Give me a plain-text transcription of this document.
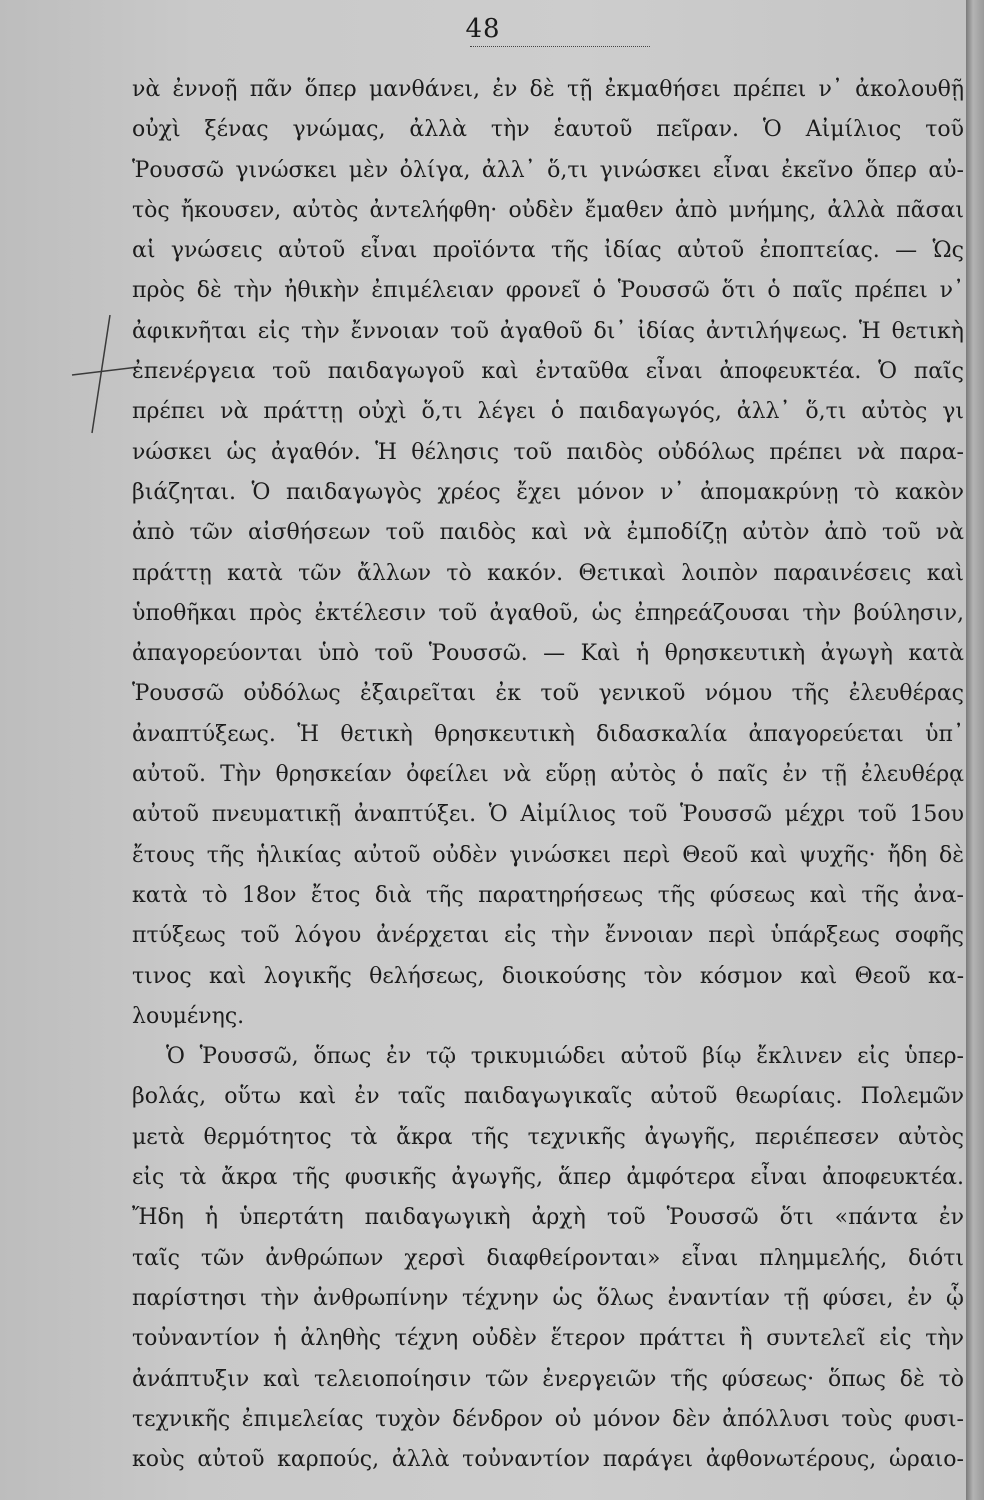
48
νὰ ἐννοῇ πᾶν ὅπερ μανθάνει, ἐν δὲ τῇ ἐκμαθήσει πρέπει ν᾽ ἀκολουθῇ
οὐχὶ ξένας γνώμας, ἀλλὰ τὴν ἑαυτοῦ πεῖραν. Ὁ Αἰμίλιος τοῦ
Ῥουσσῶ γινώσκει μὲν ὀλίγα, ἀλλ᾽ ὅ,τι γινώσκει εἶναι ἐκεῖνο ὅπερ αὐ-
τὸς ἤκουσεν, αὐτὸς ἀντελήφθη· οὐδὲν ἔμαθεν ἀπὸ μνήμης, ἀλλὰ πᾶσαι
αἱ γνώσεις αὐτοῦ εἶναι προϊόντα τῆς ἰδίας αὐτοῦ ἐποπτείας. — Ὡς
πρὸς δὲ τὴν ἠθικὴν ἐπιμέλειαν φρονεῖ ὁ Ῥουσσῶ ὅτι ὁ παῖς πρέπει ν᾽
ἀφικνῆται εἰς τὴν ἔννοιαν τοῦ ἀγαθοῦ δι᾽ ἰδίας ἀντιλήψεως. Ἡ θετικὴ
ἐπενέργεια τοῦ παιδαγωγοῦ καὶ ἐνταῦθα εἶναι ἀποφευκτέα. Ὁ παῖς
πρέπει νὰ πράττῃ οὐχὶ ὅ,τι λέγει ὁ παιδαγωγός, ἀλλ᾽ ὅ,τι αὐτὸς γι
νώσκει ὡς ἀγαθόν. Ἡ θέλησις τοῦ παιδὸς οὐδόλως πρέπει νὰ παρα-
βιάζηται. Ὁ παιδαγωγὸς χρέος ἔχει μόνον ν᾽ ἀπομακρύνῃ τὸ κακὸν
ἀπὸ τῶν αἰσθήσεων τοῦ παιδὸς καὶ νὰ ἐμποδίζῃ αὐτὸν ἀπὸ τοῦ νὰ
πράττῃ κατὰ τῶν ἄλλων τὸ κακόν. Θετικαὶ λοιπὸν παραινέσεις καὶ
ὑποθῆκαι πρὸς ἐκτέλεσιν τοῦ ἀγαθοῦ, ὡς ἐπηρεάζουσαι τὴν βούλησιν,
ἀπαγορεύονται ὑπὸ τοῦ Ῥουσσῶ. — Καὶ ἡ θρησκευτικὴ ἀγωγὴ κατὰ
Ῥουσσῶ οὐδόλως ἐξαιρεῖται ἐκ τοῦ γενικοῦ νόμου τῆς ἐλευθέρας
ἀναπτύξεως. Ἡ θετικὴ θρησκευτικὴ διδασκαλία ἀπαγορεύεται ὑπ᾽
αὐτοῦ. Τὴν θρησκείαν ὀφείλει νὰ εὕρῃ αὐτὸς ὁ παῖς ἐν τῇ ἐλευθέρᾳ
αὐτοῦ πνευματικῇ ἀναπτύξει. Ὁ Αἰμίλιος τοῦ Ῥουσσῶ μέχρι τοῦ 15ου
ἔτους τῆς ἡλικίας αὐτοῦ οὐδὲν γινώσκει περὶ Θεοῦ καὶ ψυχῆς· ἤδη δὲ
κατὰ τὸ 18ον ἔτος διὰ τῆς παρατηρήσεως τῆς φύσεως καὶ τῆς ἀνα-
πτύξεως τοῦ λόγου ἀνέρχεται εἰς τὴν ἔννοιαν περὶ ὑπάρξεως σοφῆς
τινος καὶ λογικῆς θελήσεως, διοικούσης τὸν κόσμον καὶ Θεοῦ κα-
λουμένης.
Ὁ Ῥουσσῶ, ὅπως ἐν τῷ τρικυμιώδει αὐτοῦ βίῳ ἔκλινεν εἰς ὑπερ-
βολάς, οὕτω καὶ ἐν ταῖς παιδαγωγικαῖς αὐτοῦ θεωρίαις. Πολεμῶν
μετὰ θερμότητος τὰ ἄκρα τῆς τεχνικῆς ἀγωγῆς, περιέπεσεν αὐτὸς
εἰς τὰ ἄκρα τῆς φυσικῆς ἀγωγῆς, ἅπερ ἀμφότερα εἶναι ἀποφευκτέα.
Ἤδη ἡ ὑπερτάτη παιδαγωγικὴ ἀρχὴ τοῦ Ῥουσσῶ ὅτι «πάντα ἐν
ταῖς τῶν ἀνθρώπων χερσὶ διαφθείρονται» εἶναι πλημμελής, διότι
παρίστησι τὴν ἀνθρωπίνην τέχνην ὡς ὅλως ἐναντίαν τῇ φύσει, ἐν ᾧ
τοὐναντίον ἡ ἀληθὴς τέχνη οὐδὲν ἕτερον πράττει ἢ συντελεῖ εἰς τὴν
ἀνάπτυξιν καὶ τελειοποίησιν τῶν ἐνεργειῶν τῆς φύσεως· ὅπως δὲ τὸ
τεχνικῆς ἐπιμελείας τυχὸν δένδρον οὐ μόνον δὲν ἀπόλλυσι τοὺς φυσι-
κοὺς αὐτοῦ καρπούς, ἀλλὰ τοὐναντίον παράγει ἀφθονωτέρους, ὡραιο-
